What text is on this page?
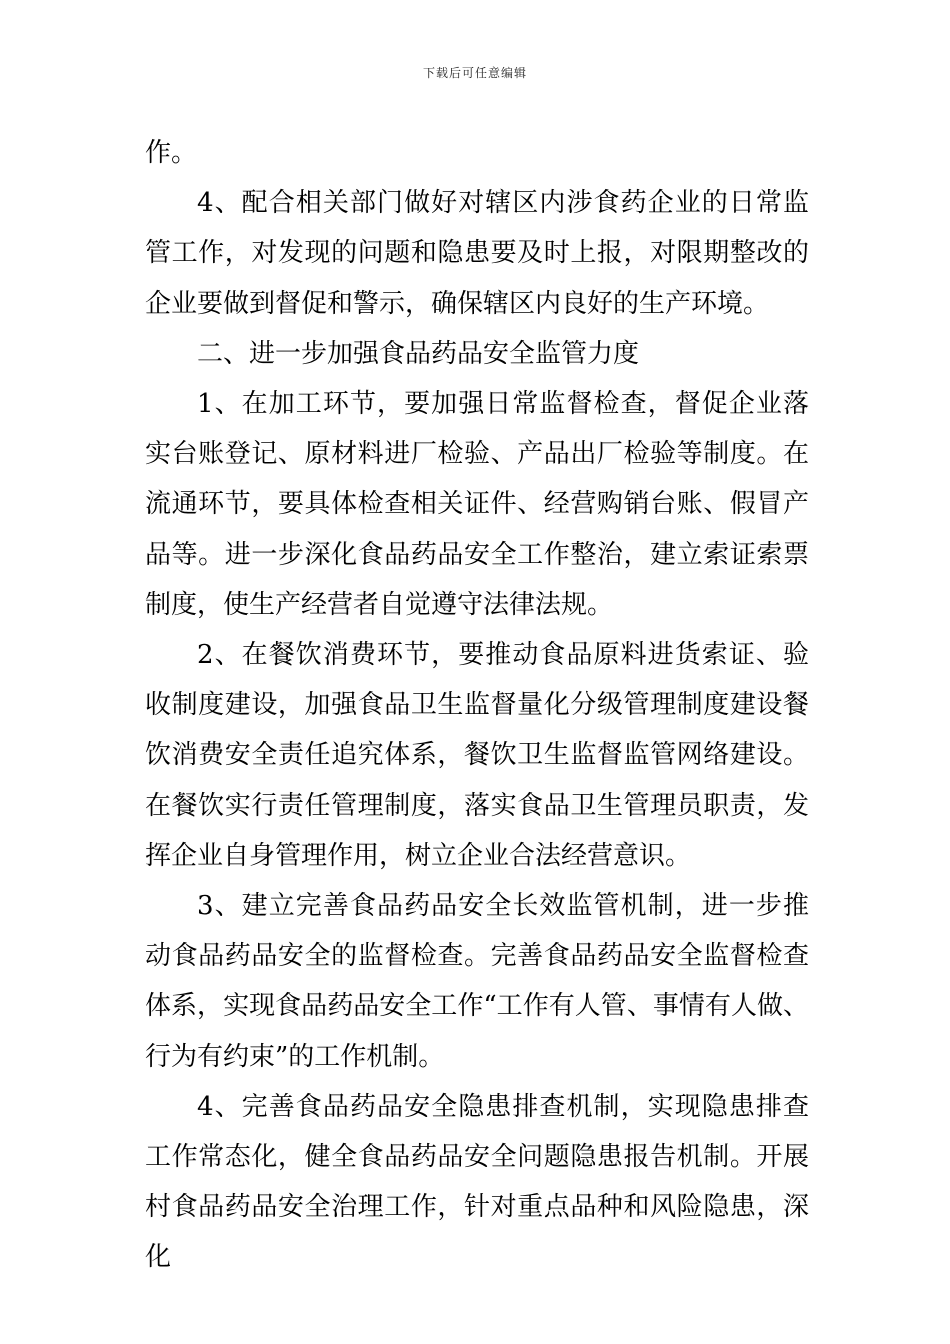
下载后可任意编辑

作。

4、配合相关部门做好对辖区内涉食药企业的日常监管工作，对发现的问题和隐患要及时上报，对限期整改的企业要做到督促和警示，确保辖区内良好的生产环境。

二、进一步加强食品药品安全监管力度

1、在加工环节，要加强日常监督检查，督促企业落实台账登记、原材料进厂检验、产品出厂检验等制度。在流通环节，要具体检查相关证件、经营购销台账、假冒产品等。进一步深化食品药品安全工作整治，建立索证索票制度，使生产经营者自觉遵守法律法规。

2、在餐饮消费环节，要推动食品原料进货索证、验收制度建设，加强食品卫生监督量化分级管理制度建设餐饮消费安全责任追究体系，餐饮卫生监督监管网络建设。在餐饮实行责任管理制度，落实食品卫生管理员职责，发挥企业自身管理作用，树立企业合法经营意识。

3、建立完善食品药品安全长效监管机制，进一步推动食品药品安全的监督检查。完善食品药品安全监督检查体系，实现食品药品安全工作“工作有人管、事情有人做、行为有约束”的工作机制。

4、完善食品药品安全隐患排查机制，实现隐患排查工作常态化，健全食品药品安全问题隐患报告机制。开展村食品药品安全治理工作，针对重点品种和风险隐患，深化
